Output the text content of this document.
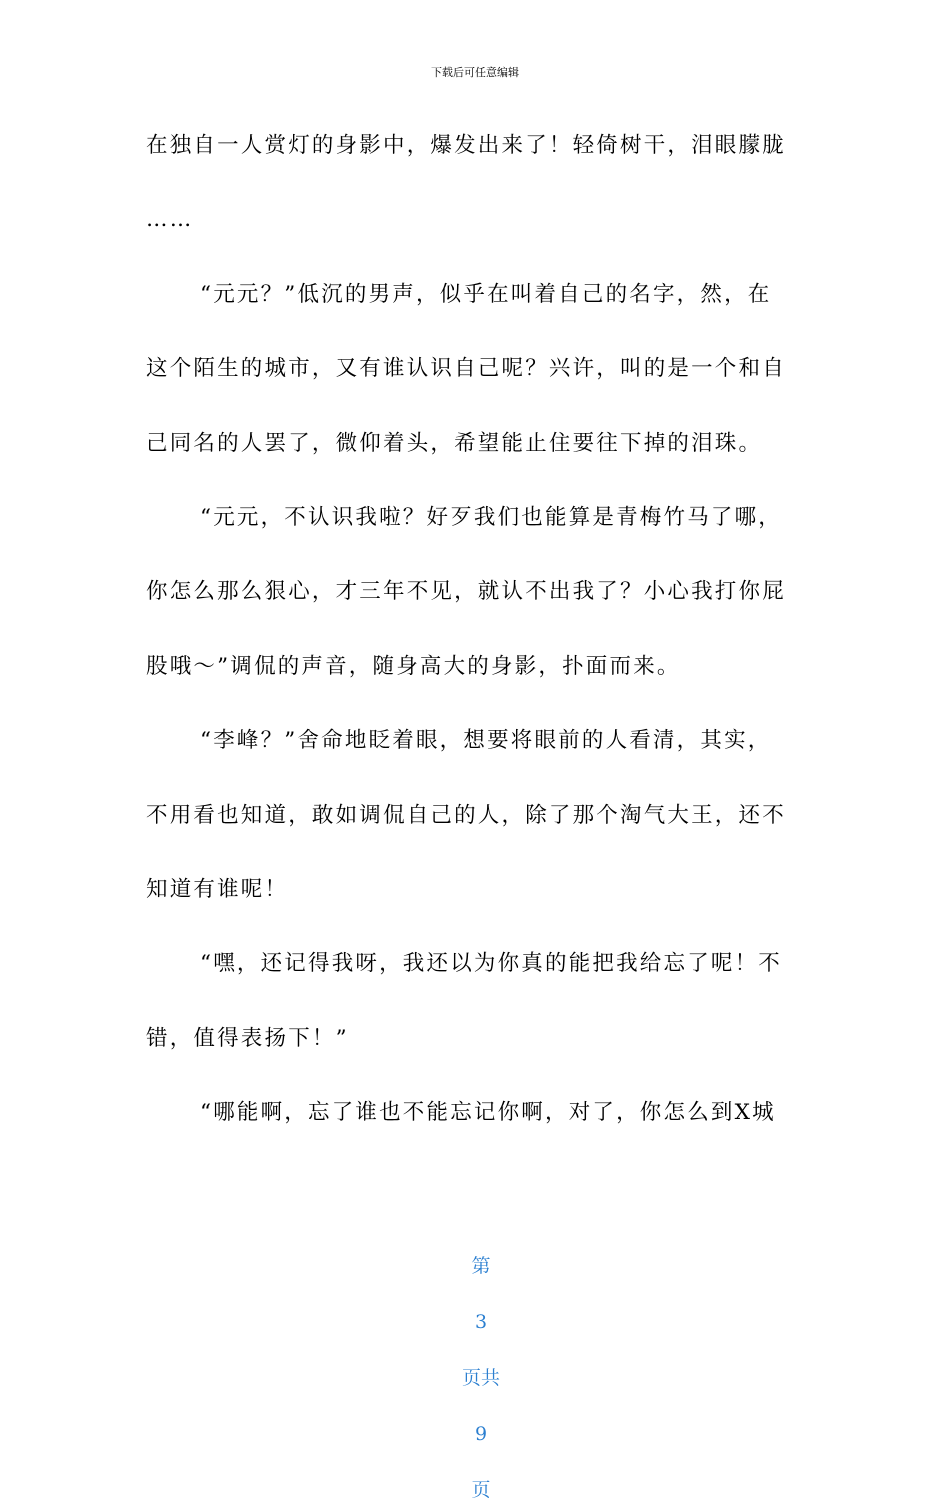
下载后可任意编辑
在独自一人赏灯的身影中，爆发出来了！轻倚树干，泪眼朦胧
……
“元元？”低沉的男声，似乎在叫着自己的名字，然，在
这个陌生的城市，又有谁认识自己呢？兴许，叫的是一个和自
己同名的人罢了，微仰着头，希望能止住要往下掉的泪珠。
“元元，不认识我啦？好歹我们也能算是青梅竹马了哪，
你怎么那么狠心，才三年不见，就认不出我了？小心我打你屁
股哦～”调侃的声音，随身高大的身影，扑面而来。
“李峰？”舍命地眨着眼，想要将眼前的人看清，其实，
不用看也知道，敢如调侃自己的人，除了那个淘气大王，还不
知道有谁呢！
“嘿，还记得我呀，我还以为你真的能把我给忘了呢！不
错，值得表扬下！”
“哪能啊，忘了谁也不能忘记你啊，对了，你怎么到X城

第

3

页共

9

页
